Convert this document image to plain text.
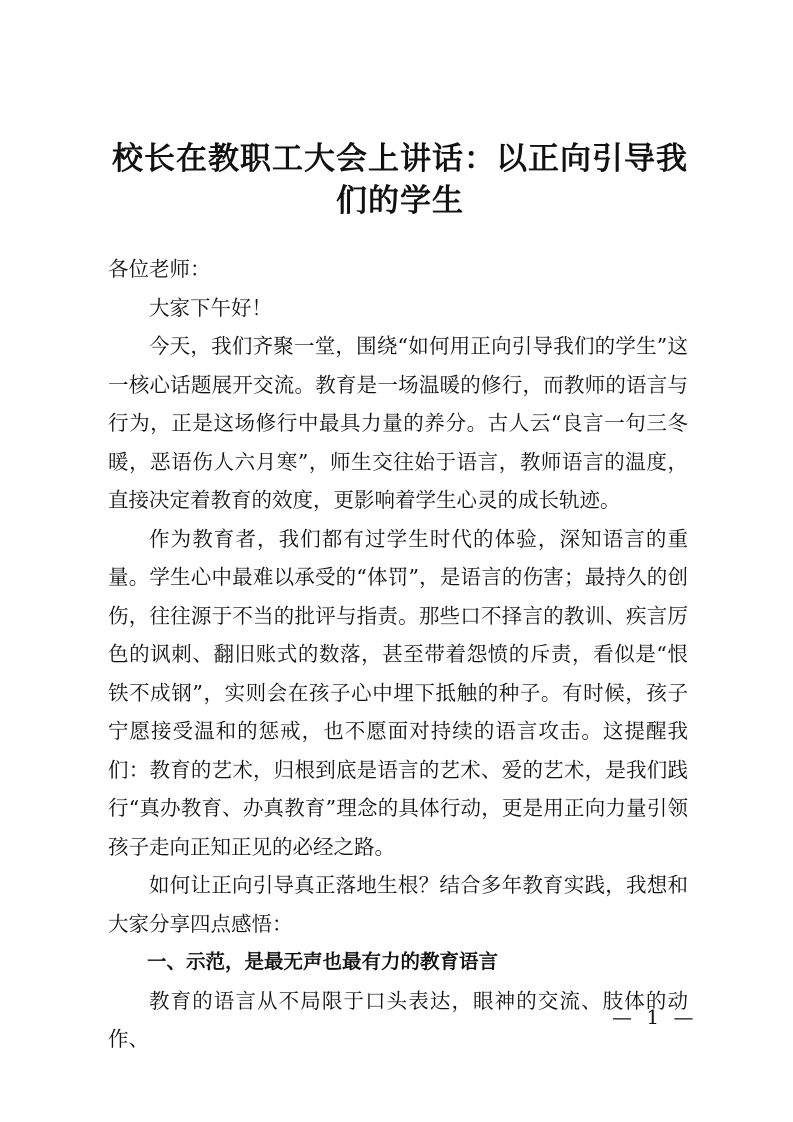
校长在教职工大会上讲话：以正向引导我们的学生

各位老师：

大家下午好！

今天，我们齐聚一堂，围绕“如何用正向引导我们的学生”这一核心话题展开交流。教育是一场温暖的修行，而教师的语言与行为，正是这场修行中最具力量的养分。古人云“良言一句三冬暖，恶语伤人六月寒”，师生交往始于语言，教师语言的温度，直接决定着教育的效度，更影响着学生心灵的成长轨迹。

作为教育者，我们都有过学生时代的体验，深知语言的重量。学生心中最难以承受的“体罚”，是语言的伤害；最持久的创伤，往往源于不当的批评与指责。那些口不择言的教训、疾言厉色的讽刺、翻旧账式的数落，甚至带着怨愤的斥责，看似是“恨铁不成钢”，实则会在孩子心中埋下抵触的种子。有时候，孩子宁愿接受温和的惩戒，也不愿面对持续的语言攻击。这提醒我们：教育的艺术，归根到底是语言的艺术、爱的艺术，是我们践行“真办教育、办真教育”理念的具体行动，更是用正向力量引领孩子走向正知正见的必经之路。

如何让正向引导真正落地生根？结合多年教育实践，我想和大家分享四点感悟：

一、示范，是最无声也最有力的教育语言

教育的语言从不局限于口头表达，眼神的交流、肢体的动作、

— 1 —
